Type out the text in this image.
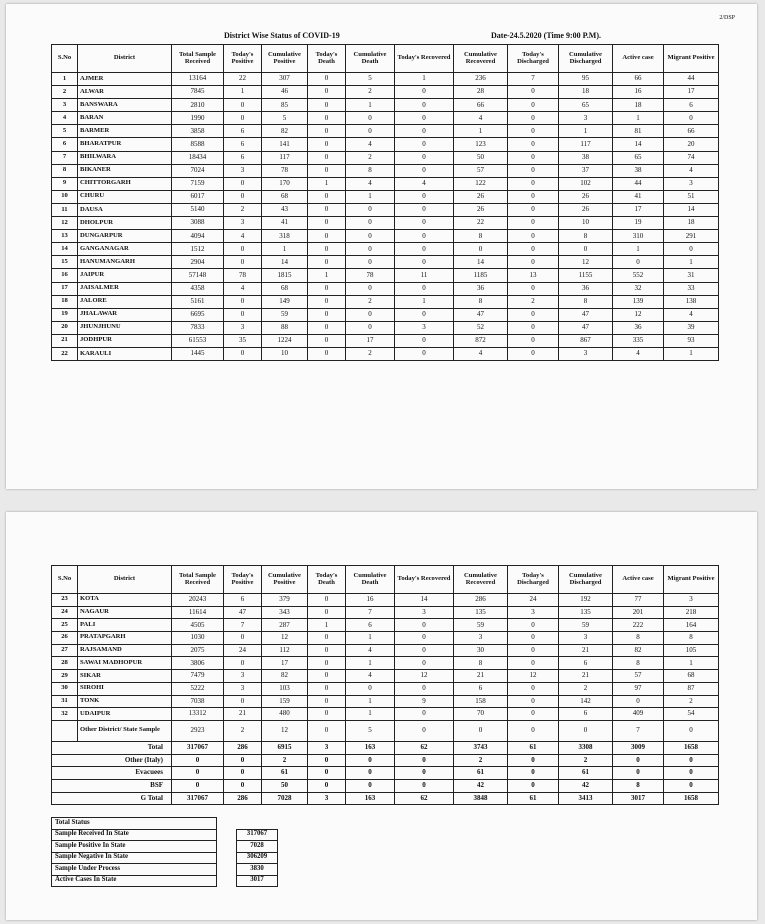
2/DSP
District Wise Status of COVID-19	Date-24.5.2020 (Time 9:00 P.M).
S.No	District	Total Sample Received	Today's Positive	Cumulative Positive	Today's Death	Cumulative Death	Today's Recovered	Cumulative Recovered	Today's Discharged	Cumulative Discharged	Active case	Migrant Positive
1	AJMER	13164	22	307	0	5	1	236	7	95	66	44
2	ALWAR	7845	1	46	0	2	0	28	0	18	16	17
3	BANSWARA	2810	0	85	0	1	0	66	0	65	18	6
4	BARAN	1990	0	5	0	0	0	4	0	3	1	0
5	BARMER	3858	6	82	0	0	0	1	0	1	81	66
6	BHARATPUR	8588	6	141	0	4	0	123	0	117	14	20
7	BHILWARA	18434	6	117	0	2	0	50	0	38	65	74
8	BIKANER	7024	3	78	0	8	0	57	0	37	38	4
9	CHITTORGARH	7159	0	170	1	4	4	122	0	102	44	3
10	CHURU	6017	0	68	0	1	0	26	0	26	41	51
11	DAUSA	5140	2	43	0	0	0	26	0	26	17	14
12	DHOLPUR	3088	3	41	0	0	0	22	0	10	19	18
13	DUNGARPUR	4094	4	318	0	0	0	8	0	8	310	291
14	GANGANAGAR	1512	0	1	0	0	0	0	0	0	1	0
15	HANUMANGARH	2904	0	14	0	0	0	14	0	12	0	1
16	JAIPUR	57148	78	1815	1	78	11	1185	13	1155	552	31
17	JAISALMER	4358	4	68	0	0	0	36	0	36	32	33
18	JALORE	5161	0	149	0	2	1	8	2	8	139	138
19	JHALAWAR	6695	0	59	0	0	0	47	0	47	12	4
20	JHUNJHUNU	7833	3	88	0	0	3	52	0	47	36	39
21	JODHPUR	61553	35	1224	0	17	0	872	0	867	335	93
22	KARAULI	1445	0	10	0	2	0	4	0	3	4	1
S.No	District	Total Sample Received	Today's Positive	Cumulative Positive	Today's Death	Cumulative Death	Today's Recovered	Cumulative Recovered	Today's Discharged	Cumulative Discharged	Active case	Migrant Positive
23	KOTA	20243	6	379	0	16	14	286	24	192	77	3
24	NAGAUR	11614	47	343	0	7	3	135	3	135	201	218
25	PALI	4505	7	287	1	6	0	59	0	59	222	164
26	PRATAPGARH	1030	0	12	0	1	0	3	0	3	8	8
27	RAJSAMAND	2075	24	112	0	4	0	30	0	21	82	105
28	SAWAI MADHOPUR	3806	0	17	0	1	0	8	0	6	8	1
29	SIKAR	7479	3	82	0	4	12	21	12	21	57	68
30	SIROHI	5222	3	103	0	0	0	6	0	2	97	87
31	TONK	7038	0	159	0	1	9	158	0	142	0	2
32	UDAIPUR	13312	21	480	0	1	0	70	0	6	409	54
	Other District/ State Sample	2923	2	12	0	5	0	0	0	0	7	0
Total		317067	286	6915	3	163	62	3743	61	3308	3009	1658
Other (Italy)		0	0	2	0	0	0	2	0	2	0	0
Evacuees		0	0	61	0	0	0	61	0	61	0	0
BSF		0	0	50	0	0	0	42	0	42	8	0
G Total		317067	286	7028	3	163	62	3848	61	3413	3017	1658
Total Status		
Sample Received In State		317067
Sample Positive In State		7028
Sample Negative In State		306209
Sample Under Process		3830
Active Cases In State		3017
